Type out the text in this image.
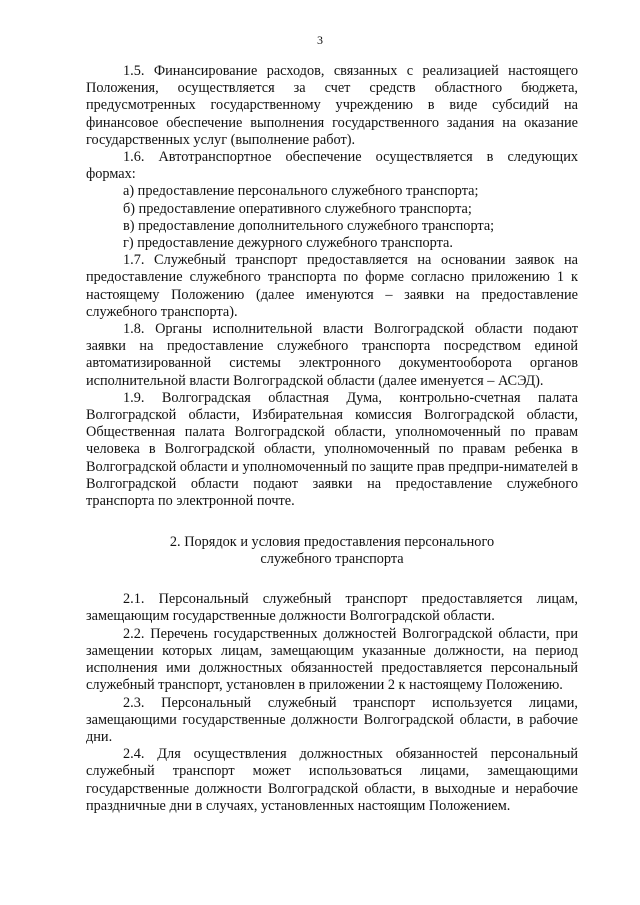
3

1.5. Финансирование расходов, связанных с реализацией настоящего Положения, осуществляется за счет средств областного бюджета, предусмотренных государственному учреждению в виде субсидий на финансовое обеспечение выполнения государственного задания на оказание государственных услуг (выполнение работ).

1.6. Автотранспортное обеспечение осуществляется в следующих формах:

а) предоставление персонального служебного транспорта;

б) предоставление оперативного служебного транспорта;

в) предоставление дополнительного служебного транспорта;

г) предоставление дежурного служебного транспорта.

1.7. Служебный транспорт предоставляется на основании заявок на предоставление служебного транспорта по форме согласно приложению 1 к настоящему Положению (далее именуются – заявки на предоставление служебного транспорта).

1.8. Органы исполнительной власти Волгоградской области подают заявки на предоставление служебного транспорта посредством единой автоматизированной системы электронного документооборота органов исполнительной власти Волгоградской области (далее именуется – АСЭД).

1.9. Волгоградская областная Дума, контрольно-счетная палата Волгоградской области, Избирательная комиссия Волгоградской области, Общественная палата Волгоградской области, уполномоченный по правам человека в Волгоградской области, уполномоченный по правам ребенка в Волгоградской области и уполномоченный по защите прав предпри-нимателей в Волгоградской области подают заявки на предоставление служебного транспорта по электронной почте.

2. Порядок и условия предоставления персонального
служебного транспорта

2.1. Персональный служебный транспорт предоставляется лицам, замещающим государственные должности Волгоградской области.

2.2. Перечень государственных должностей Волгоградской области, при замещении которых лицам, замещающим указанные должности, на период исполнения ими должностных обязанностей предоставляется персональный служебный транспорт, установлен в приложении 2 к настоящему Положению.

2.3. Персональный служебный транспорт используется лицами, замещающими государственные должности Волгоградской области, в рабочие дни.

2.4. Для осуществления должностных обязанностей персональный служебный транспорт может использоваться лицами, замещающими государственные должности Волгоградской области, в выходные и нерабочие праздничные дни в случаях, установленных настоящим Положением.
